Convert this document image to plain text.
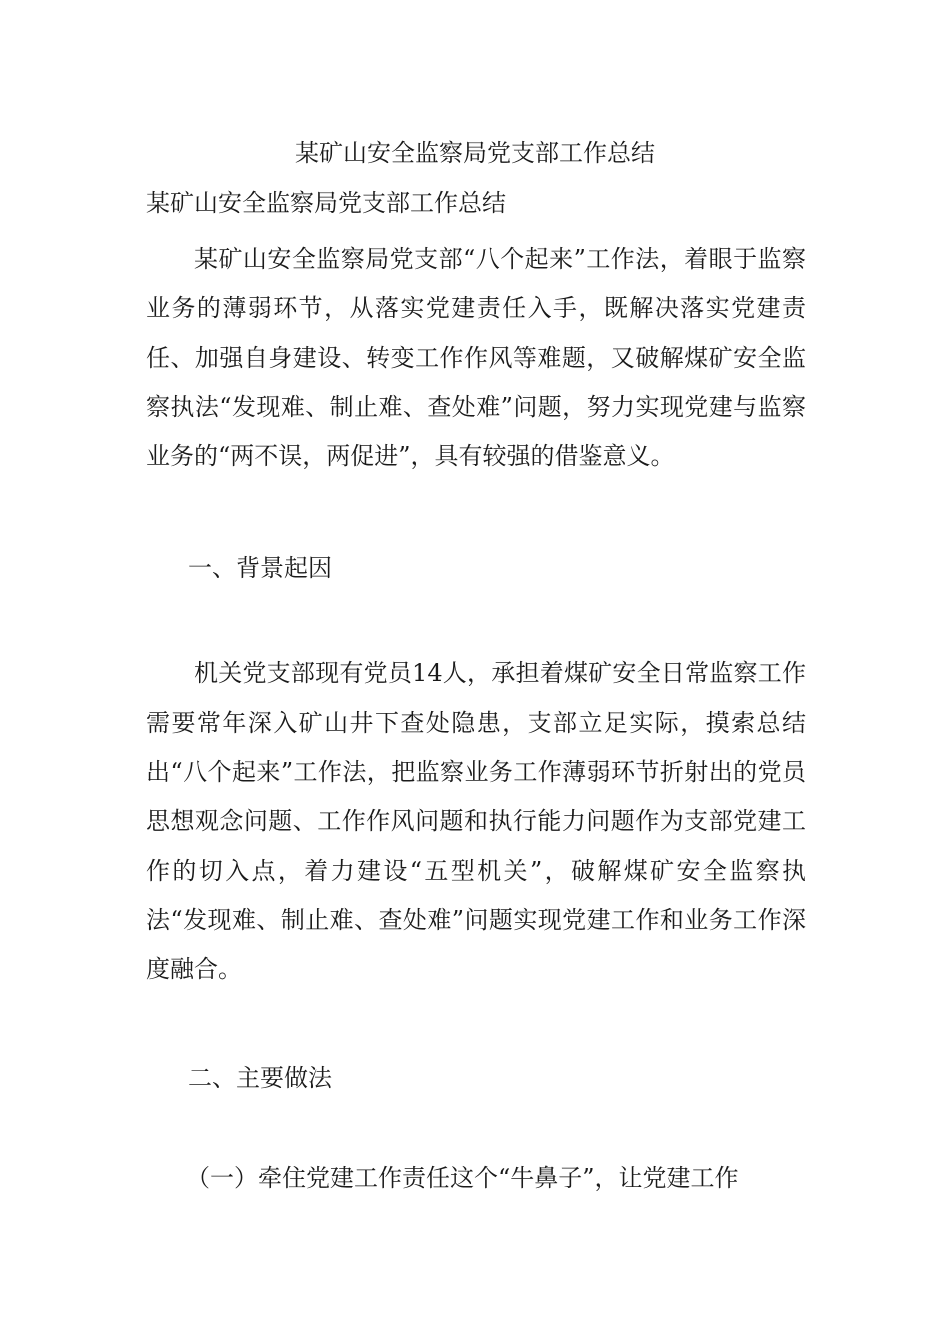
某矿山安全监察局党支部工作总结

某矿山安全监察局党支部工作总结

某矿山安全监察局党支部“八个起来”工作法，着眼于监察业务的薄弱环节，从落实党建责任入手，既解决落实党建责任、加强自身建设、转变工作作风等难题，又破解煤矿安全监察执法“发现难、制止难、查处难”问题，努力实现党建与监察业务的“两不误，两促进”，具有较强的借鉴意义。

一、背景起因

机关党支部现有党员14人，承担着煤矿安全日常监察工作需要常年深入矿山井下查处隐患，支部立足实际，摸索总结出“八个起来”工作法，把监察业务工作薄弱环节折射出的党员思想观念问题、工作作风问题和执行能力问题作为支部党建工作的切入点，着力建设“五型机关”，破解煤矿安全监察执法“发现难、制止难、查处难”问题实现党建工作和业务工作深度融合。

二、主要做法

（一）牵住党建工作责任这个“牛鼻子”，让党建工作
